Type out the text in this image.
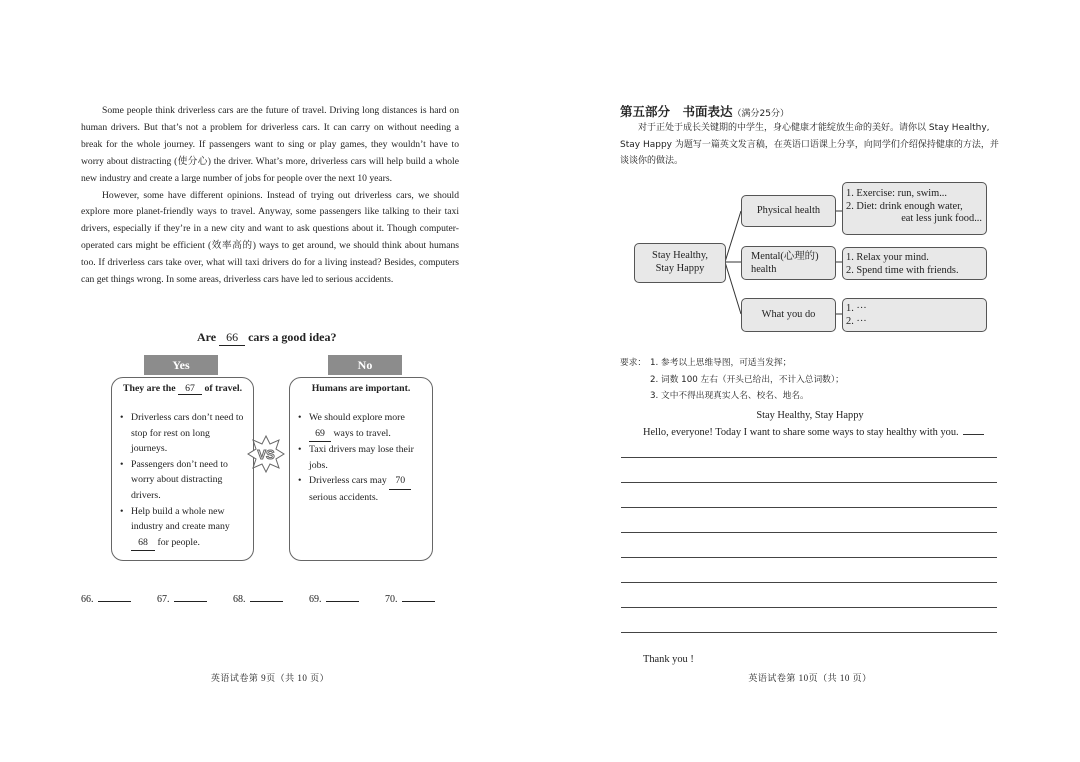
Some people think driverless cars are the future of travel. Driving long distances is hard on human drivers. But that’s not a problem for driverless cars. It can carry on without needing a break for the whole journey. If passengers want to sing or play games, they wouldn’t have to worry about distracting (使分心) the driver. What’s more, driverless cars will help build a whole new industry and create a large number of jobs for people over the next 10 years.

However, some have different opinions. Instead of trying out driverless cars, we should explore more planet-friendly ways to travel. Anyway, some passengers like talking to their taxi drivers, especially if they’re in a new city and want to ask questions about it. Though computer-operated cars might be efficient (效率高的) ways to get around, we should think about humans too. If driverless cars take over, what will taxi drivers do for a living instead? Besides, computers can get things wrong. In some areas, driverless cars have led to serious accidents.

Are 66 cars a good idea?
Yes	No
They are the 67 of travel.
• Driverless cars don’t need to stop for rest on long journeys.
• Passengers don’t need to worry about distracting drivers.
• Help build a whole new industry and create many 68 for people.
Humans are important.
• We should explore more 69 ways to travel.
• Taxi drivers may lose their jobs.
• Driverless cars may 70 serious accidents.
VS
66.	67.	68.	69.	70.
英语试卷第 9页（共 10 页）
第五部分　书面表达（满分25分）
对于正处于成长关键期的中学生，身心健康才能绽放生命的美好。请你以 Stay Healthy, Stay Happy 为题写一篇英文发言稿，在英语口语课上分享，向同学们介绍保持健康的方法，并谈谈你的做法。
Stay Healthy,
Stay Happy
Physical health
Mental(心理的)
health
What you do
1. Exercise: run, swim...
2. Diet: drink enough water,
eat less junk food...
1. Relax your mind.
2. Spend time with friends.
1. ···
2. ···
要求： 1. 参考以上思维导图，可适当发挥；
2. 词数 100 左右（开头已给出，不计入总词数）；
3. 文中不得出现真实人名、校名、地名。
Stay Healthy, Stay Happy
Hello, everyone! Today I want to share some ways to stay healthy with you.
Thank you !
英语试卷第 10页（共 10 页）
